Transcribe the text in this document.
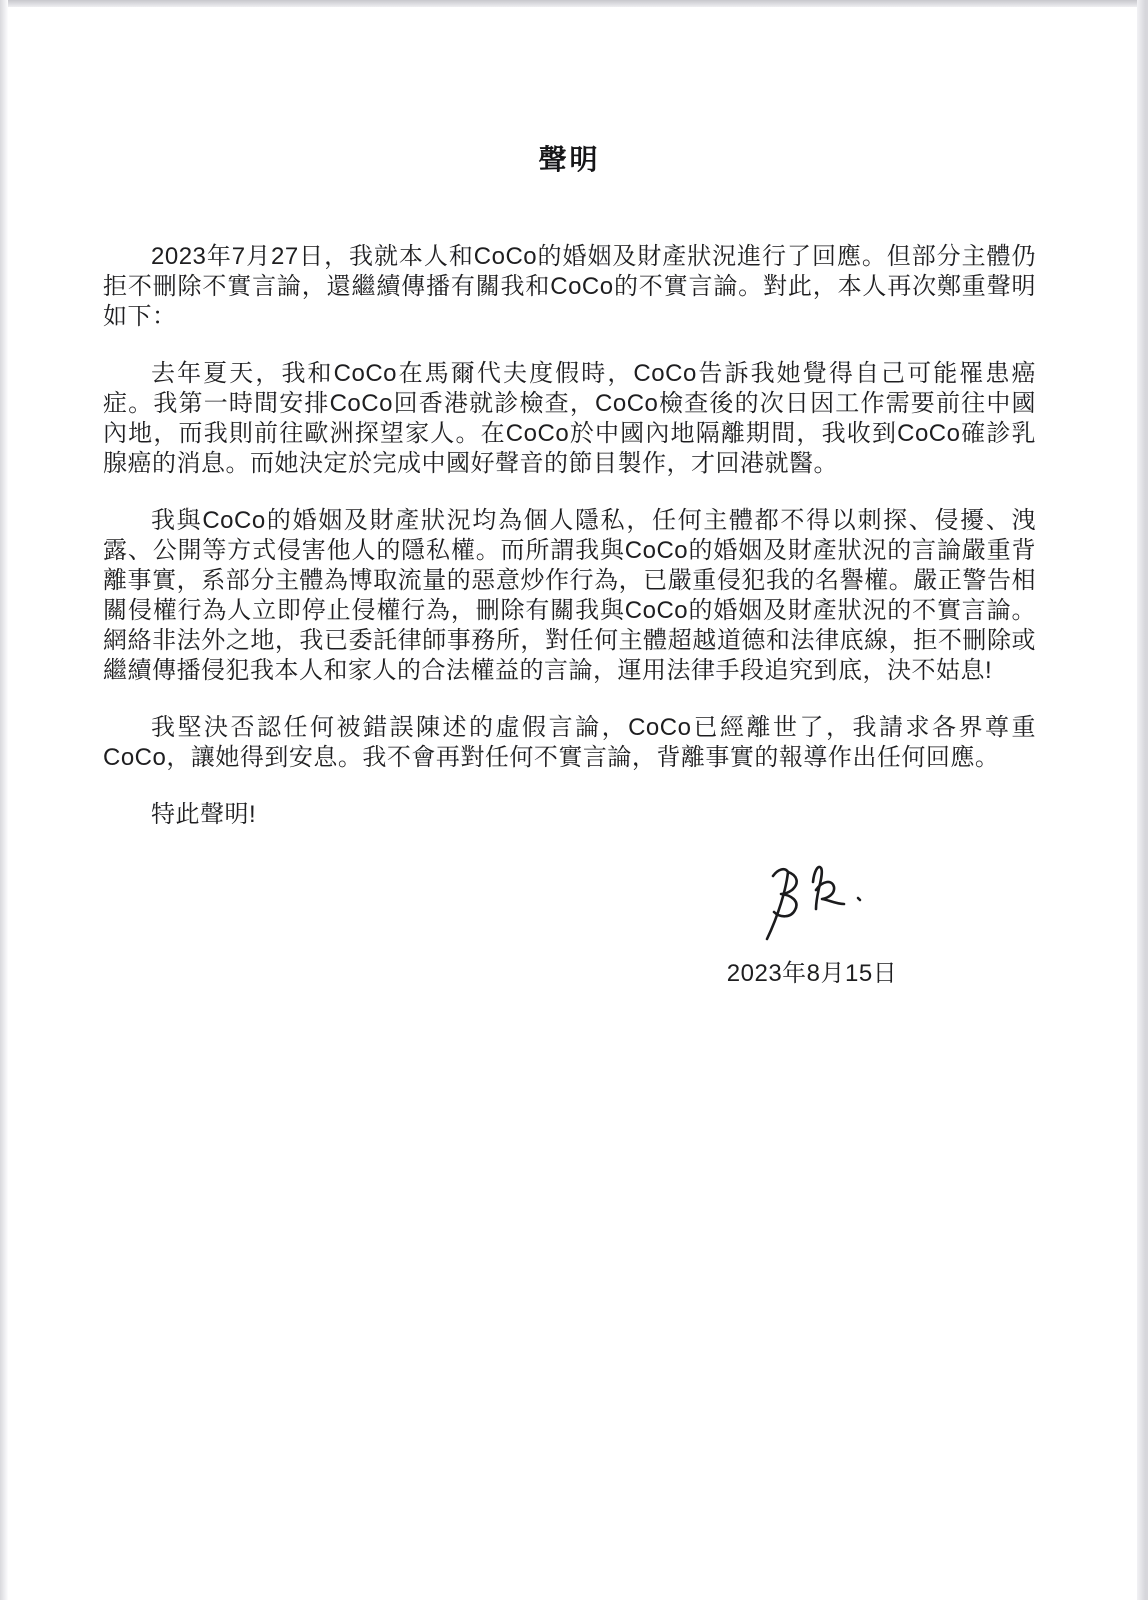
聲明

2023年7月27日，我就本人和CoCo的婚姻及財產狀況進行了回應。但部分主體仍拒不刪除不實言論，還繼續傳播有關我和CoCo的不實言論。對此，本人再次鄭重聲明如下：

去年夏天，我和CoCo在馬爾代夫度假時，CoCo告訴我她覺得自己可能罹患癌症。我第一時間安排CoCo回香港就診檢查，CoCo檢查後的次日因工作需要前往中國內地，而我則前往歐洲探望家人。在CoCo於中國內地隔離期間，我收到CoCo確診乳腺癌的消息。而她決定於完成中國好聲音的節目製作，才回港就醫。

我與CoCo的婚姻及財產狀況均為個人隱私，任何主體都不得以刺探、侵擾、洩露、公開等方式侵害他人的隱私權。而所謂我與CoCo的婚姻及財產狀況的言論嚴重背離事實，系部分主體為博取流量的惡意炒作行為，已嚴重侵犯我的名譽權。嚴正警告相關侵權行為人立即停止侵權行為，刪除有關我與CoCo的婚姻及財產狀況的不實言論。網絡非法外之地，我已委託律師事務所，對任何主體超越道德和法律底線，拒不刪除或繼續傳播侵犯我本人和家人的合法權益的言論，運用法律手段追究到底，決不姑息!

我堅決否認任何被錯誤陳述的虛假言論，CoCo已經離世了，我請求各界尊重CoCo，讓她得到安息。我不會再對任何不實言論，背離事實的報導作出任何回應。

特此聲明!

2023年8月15日
